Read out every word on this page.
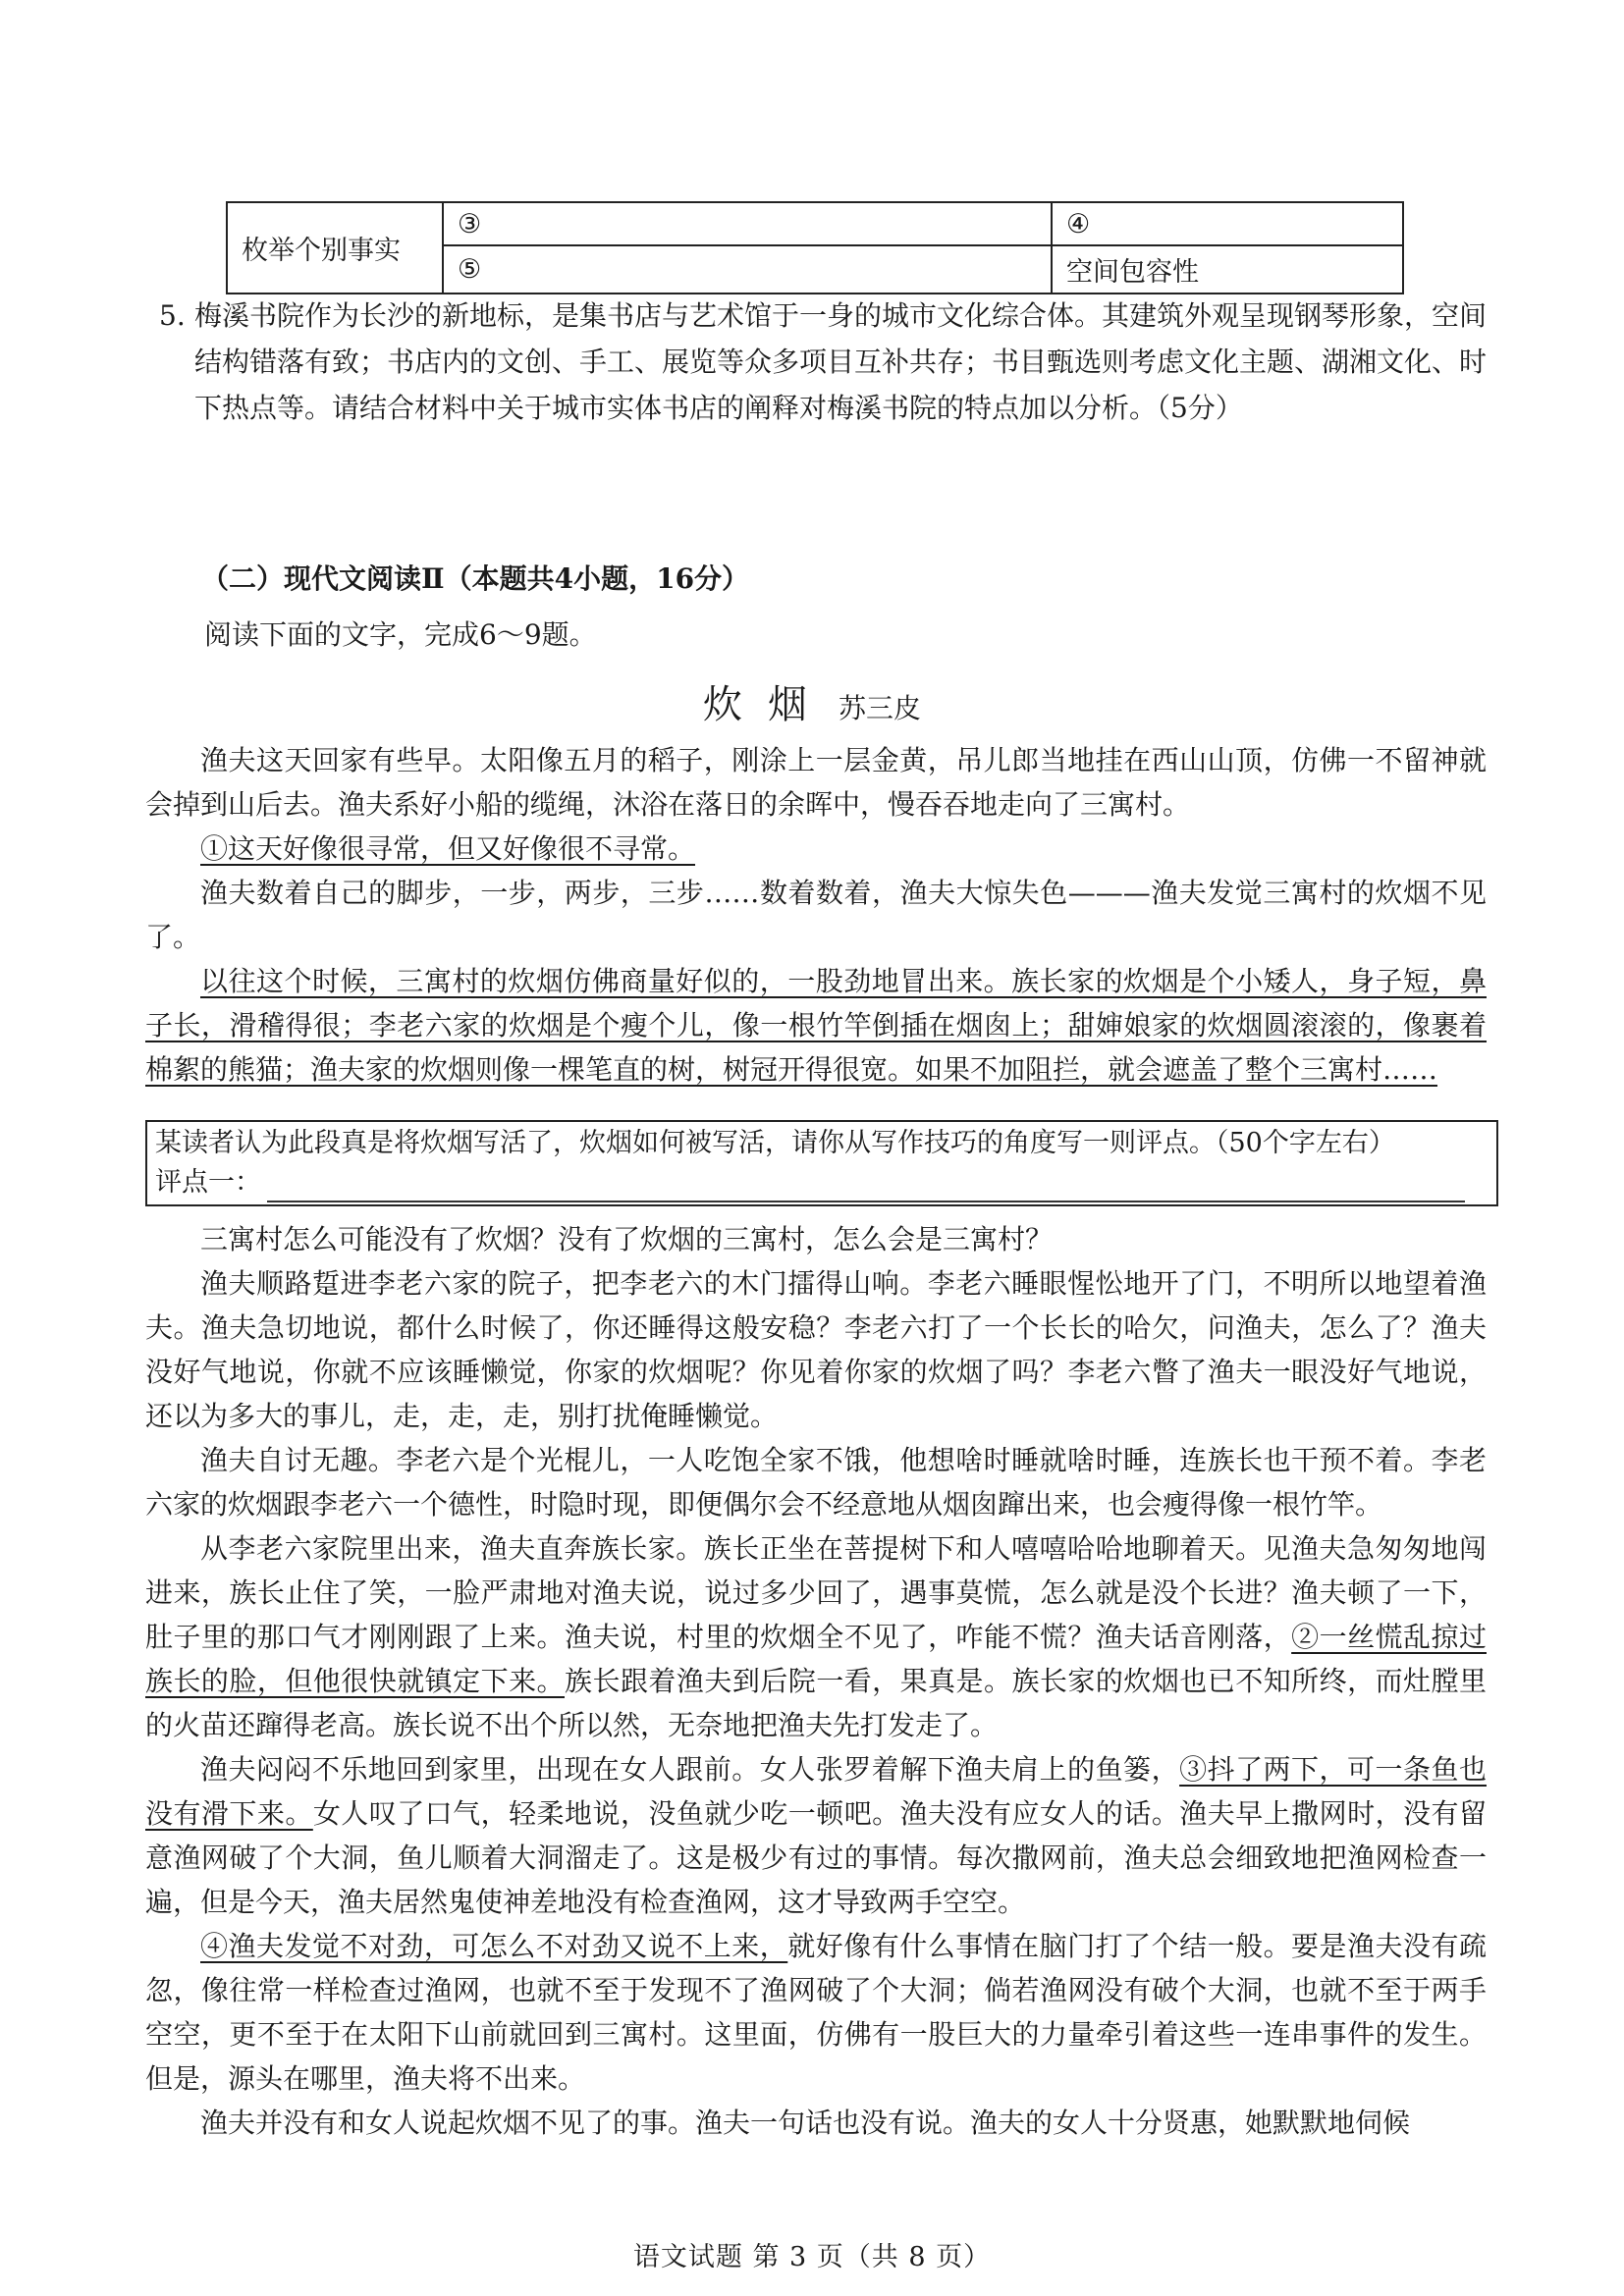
枚举个别事实	③	④
	⑤	空间包容性
5. 梅溪书院作为长沙的新地标，是集书店与艺术馆于一身的城市文化综合体。其建筑外观呈现钢琴形象，空间结构错落有致；书店内的文创、手工、展览等众多项目互补共存；书目甄选则考虑文化主题、湖湘文化、时下热点等。请结合材料中关于城市实体书店的阐释对梅溪书院的特点加以分析。（5分）
（二）现代文阅读Ⅱ（本题共4小题，16分）
阅读下面的文字，完成6～9题。
炊烟 苏三皮

渔夫这天回家有些早。太阳像五月的稻子，刚涂上一层金黄，吊儿郎当地挂在西山山顶，仿佛一不留神就会掉到山后去。渔夫系好小船的缆绳，沐浴在落日的余晖中，慢吞吞地走向了三寓村。

①这天好像很寻常，但又好像很不寻常。

渔夫数着自己的脚步，一步，两步，三步……数着数着，渔夫大惊失色———渔夫发觉三寓村的炊烟不见了。

以往这个时候，三寓村的炊烟仿佛商量好似的，一股劲地冒出来。族长家的炊烟是个小矮人，身子短，鼻子长，滑稽得很；李老六家的炊烟是个瘦个儿，像一根竹竿倒插在烟囱上；甜婶娘家的炊烟圆滚滚的，像裹着棉絮的熊猫；渔夫家的炊烟则像一棵笔直的树，树冠开得很宽。如果不加阻拦，就会遮盖了整个三寓村……

某读者认为此段真是将炊烟写活了，炊烟如何被写活，请你从写作技巧的角度写一则评点。（50个字左右）
评点一：

三寓村怎么可能没有了炊烟？没有了炊烟的三寓村，怎么会是三寓村？

渔夫顺路踅进李老六家的院子，把李老六的木门擂得山响。李老六睡眼惺忪地开了门，不明所以地望着渔夫。渔夫急切地说，都什么时候了，你还睡得这般安稳？李老六打了一个长长的哈欠，问渔夫，怎么了？渔夫没好气地说，你就不应该睡懒觉，你家的炊烟呢？你见着你家的炊烟了吗？李老六瞥了渔夫一眼没好气地说，还以为多大的事儿，走，走，走，别打扰俺睡懒觉。

渔夫自讨无趣。李老六是个光棍儿，一人吃饱全家不饿，他想啥时睡就啥时睡，连族长也干预不着。李老六家的炊烟跟李老六一个德性，时隐时现，即便偶尔会不经意地从烟囱蹿出来，也会瘦得像一根竹竿。

从李老六家院里出来，渔夫直奔族长家。族长正坐在菩提树下和人嘻嘻哈哈地聊着天。见渔夫急匆匆地闯进来，族长止住了笑，一脸严肃地对渔夫说，说过多少回了，遇事莫慌，怎么就是没个长进？渔夫顿了一下，肚子里的那口气才刚刚跟了上来。渔夫说，村里的炊烟全不见了，咋能不慌？渔夫话音刚落，②一丝慌乱掠过族长的脸，但他很快就镇定下来。族长跟着渔夫到后院一看，果真是。族长家的炊烟也已不知所终，而灶膛里的火苗还蹿得老高。族长说不出个所以然，无奈地把渔夫先打发走了。

渔夫闷闷不乐地回到家里，出现在女人跟前。女人张罗着解下渔夫肩上的鱼篓，③抖了两下，可一条鱼也没有滑下来。女人叹了口气，轻柔地说，没鱼就少吃一顿吧。渔夫没有应女人的话。渔夫早上撒网时，没有留意渔网破了个大洞，鱼儿顺着大洞溜走了。这是极少有过的事情。每次撒网前，渔夫总会细致地把渔网检查一遍，但是今天，渔夫居然鬼使神差地没有检查渔网，这才导致两手空空。

④渔夫发觉不对劲，可怎么不对劲又说不上来，就好像有什么事情在脑门打了个结一般。要是渔夫没有疏忽，像往常一样检查过渔网，也就不至于发现不了渔网破了个大洞；倘若渔网没有破个大洞，也就不至于两手空空，更不至于在太阳下山前就回到三寓村。这里面，仿佛有一股巨大的力量牵引着这些一连串事件的发生。但是，源头在哪里，渔夫将不出来。

渔夫并没有和女人说起炊烟不见了的事。渔夫一句话也没有说。渔夫的女人十分贤惠，她默默地伺候

语文试题 第 3 页（共 8 页）
